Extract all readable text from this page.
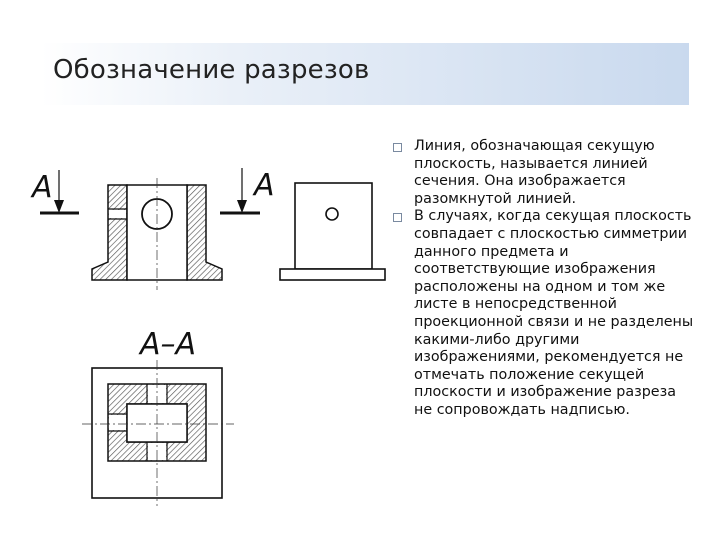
Обозначение разрезов
A	A
A–A

Линия, обозначающая секущую плоскость, называется линией сечения. Она изображается разомкнутой линией.

В случаях, когда секущая плоскость совпадает с плоскостью симметрии данного предмета и соответствующие изображения расположены на одном и том же листе в непосредственной проекционной связи и не разделены какими-либо другими изображениями, рекомендуется не отмечать положение секущей плоскости и изображение разреза не сопровождать надписью.
